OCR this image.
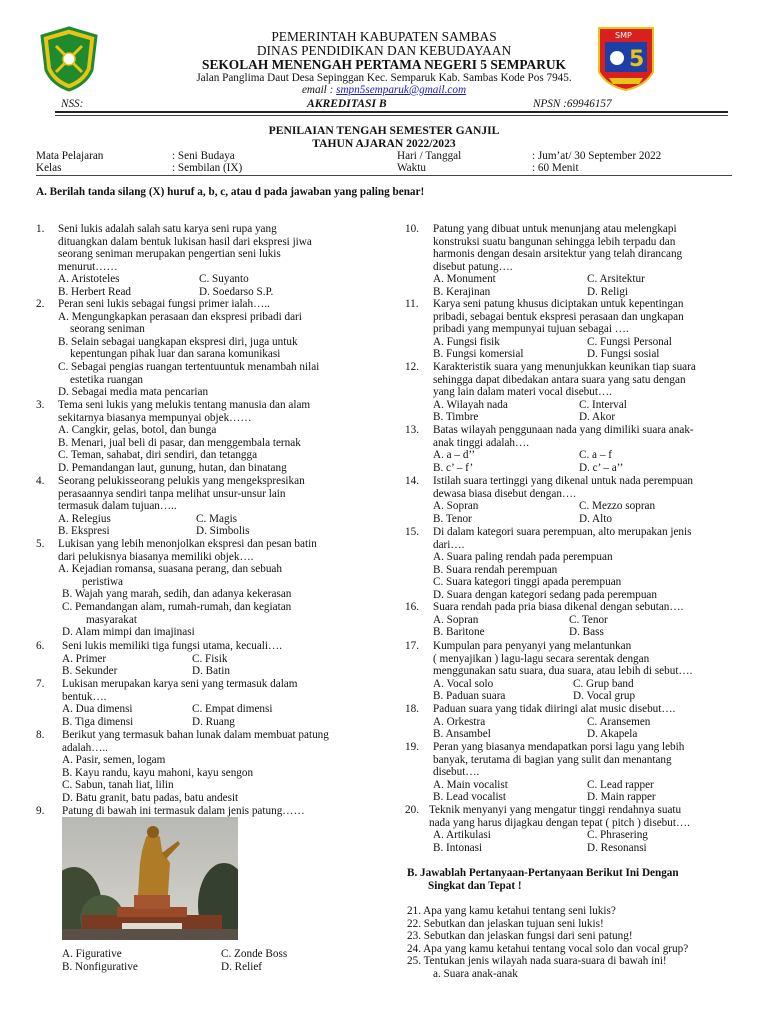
SMP
5
PEMERINTAH KABUPATEN SAMBAS
DINAS PENDIDIKAN DAN KEBUDAYAAN
SEKOLAH MENENGAH PERTAMA NEGERI 5 SEMPARUK
Jalan Panglima Daut Desa Sepinggan Kec. Semparuk Kab. Sambas Kode Pos 7945.
email : smpn5semparuk@gmail.com
NSS:	AKREDITASI B	NPSN :69946157
PENILAIAN TENGAH SEMESTER GANJIL
TAHUN AJARAN 2022/2023
Mata Pelajaran	: Seni Budaya	Hari / Tanggal	: Jum’at/ 30 September 2022
Kelas	: Sembilan (IX)	Waktu	: 60 Menit
A. Berilah tanda silang (X) huruf a, b, c, atau d pada jawaban yang paling benar!
1. Seni lukis adalah salah satu karya seni rupa yang
dituangkan dalam bentuk lukisan hasil dari ekspresi jiwa
seorang seniman merupakan pengertian seni lukis
menurut……
A. Aristoteles	C. Suyanto
B. Herbert Read	D. Soedarso S.P.
2. Peran seni lukis sebagai fungsi primer ialah…..
A. Mengungkapkan perasaan dan ekspresi pribadi dari
seorang seniman
B. Selain sebagai uangkapan ekspresi diri, juga untuk
kepentungan pihak luar dan sarana komunikasi
C. Sebagai pengias ruangan tertentuuntuk menambah nilai
estetika ruangan
D. Sebagai media mata pencarian
3. Tema seni lukis yang melukis tentang manusia dan alam
sekitarnya biasanya mempunyai objek……
A. Cangkir, gelas, botol, dan bunga
B. Menari, jual beli di pasar, dan menggembala ternak
C. Teman, sahabat, diri sendiri, dan tetangga
D. Pemandangan laut, gunung, hutan, dan binatang
4. Seorang pelukisseorang pelukis yang mengekspresikan
perasaannya sendiri tanpa melihat unsur-unsur lain
termasuk dalam tujuan…..
A. Relegius	C. Magis
B. Ekspresi	D. Simbolis
5. Lukisan yang lebih menonjolkan ekspresi dan pesan batin
dari pelukisnya biasanya memiliki objek….
A. Kejadian romansa, suasana perang, dan sebuah
peristiwa
B. Wajah yang marah, sedih, dan adanya kekerasan
C. Pemandangan alam, rumah-rumah, dan kegiatan
masyarakat
D. Alam mimpi dan imajinasi
6. Seni lukis memiliki tiga fungsi utama, kecuali….
A. Primer	C. Fisik
B. Sekunder	D. Batin
7. Lukisan merupakan karya seni yang termasuk dalam
bentuk….
A. Dua dimensi	C. Empat dimensi
B. Tiga dimensi	D. Ruang
8. Berikut yang termasuk bahan lunak dalam membuat patung
adalah…..
A. Pasir, semen, logam
B. Kayu randu, kayu mahoni, kayu sengon
C. Sabun, tanah liat, lilin
D. Batu granit, batu padas, batu andesit
9. Patung di bawah ini termasuk dalam jenis patung……
A. Figurative	C. Zonde Boss
B. Nonfigurative	D. Relief
10. Patung yang dibuat untuk menunjang atau melengkapi
konstruksi suatu bangunan sehingga lebih terpadu dan
harmonis dengan desain arsitektur yang telah dirancang
disebut patung….
A. Monument	C. Arsitektur
B. Kerajinan	D. Religi
11. Karya seni patung khusus diciptakan untuk kepentingan
pribadi, sebagai bentuk ekspresi perasaan dan ungkapan
pribadi yang mempunyai tujuan sebagai ….
A. Fungsi fisik	C. Fungsi Personal
B. Fungsi komersial	D. Fungsi sosial
12. Karakteristik suara yang menunjukkan keunikan tiap suara
sehingga dapat dibedakan antara suara yang satu dengan
yang lain dalam materi vocal disebut….
A. Wilayah nada	C. Interval
B. Timbre	D. Akor
13. Batas wilayah penggunaan nada yang dimiliki suara anak-
anak tinggi adalah….
A. a – d’’	C. a – f
B. c’ – f’	D. c’ – a’’
14. Istilah suara tertinggi yang dikenal untuk nada perempuan
dewasa biasa disebut dengan….
A. Sopran	C. Mezzo sopran
B. Tenor	D. Alto
15. Di dalam kategori suara perempuan, alto merupakan jenis
dari….
A. Suara paling rendah pada perempuan
B. Suara rendah perempuan
C. Suara kategori tinggi apada perempuan
D. Suara dengan kategori sedang pada perempuan
16. Suara rendah pada pria biasa dikenal dengan sebutan….
A. Sopran	C. Tenor
B. Baritone	D. Bass
17. Kumpulan para penyanyi yang melantunkan
( menyajikan ) lagu-lagu secara serentak dengan
menggunakan satu suara, dua suara, atau lebih di sebut….
A. Vocal solo	C. Grup band
B. Paduan suara	D. Vocal grup
18. Paduan suara yang tidak diiringi alat music disebut….
A. Orkestra	C. Aransemen
B. Ansambel	D. Akapela
19. Peran yang biasanya mendapatkan porsi lagu yang lebih
banyak, terutama di bagian yang sulit dan menantang
disebut….
A. Main vocalist	C. Lead rapper
B. Lead vocalist	D. Main rapper
20. Teknik menyanyi yang mengatur tinggi rendahnya suatu
nada yang harus dijagkau dengan tepat ( pitch ) disebut….
A. Artikulasi	C. Phrasering
B. Intonasi	D. Resonansi
B. Jawablah Pertanyaan-Pertanyaan Berikut Ini Dengan
Singkat dan Tepat !
21. Apa yang kamu ketahui tentang seni lukis?
22. Sebutkan dan jelaskan tujuan seni lukis!
23. Sebutkan dan jelaskan fungsi dari seni patung!
24. Apa yang kamu ketahui tentang vocal solo dan vocal grup?
25. Tentukan jenis wilayah nada suara-suara di bawah ini!
a. Suara anak-anak
